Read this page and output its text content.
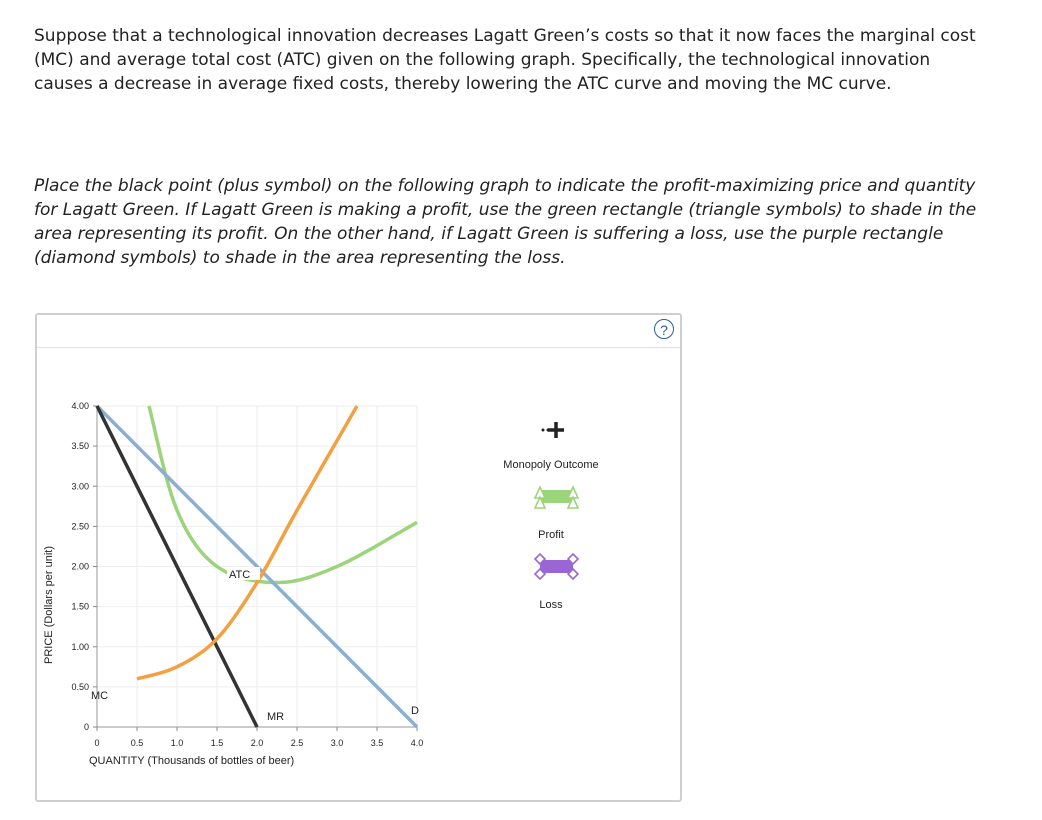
Suppose that a technological innovation decreases Lagatt Green’s costs so that it now faces the marginal cost (MC) and average total cost (ATC) given on the following graph. Specifically, the technological innovation causes a decrease in average fixed costs, thereby lowering the ATC curve and moving the MC curve.

Place the black point (plus symbol) on the following graph to indicate the profit-maximizing price and quantity for Lagatt Green. If Lagatt Green is making a profit, use the green rectangle (triangle symbols) to shade in the area representing its profit. On the other hand, if Lagatt Green is suffering a loss, use the purple rectangle (diamond symbols) to shade in the area representing the loss.

?
0
0.50
1.00
1.50
2.00
2.50
3.00
3.50
4.00
0	0.5	1.0	1.5	2.0	2.5	3.0	3.5	4.0
PRICE (Dollars per unit)
QUANTITY (Thousands of bottles of beer)
ATC
MC
MR	D
Monopoly Outcome
Profit
Loss
